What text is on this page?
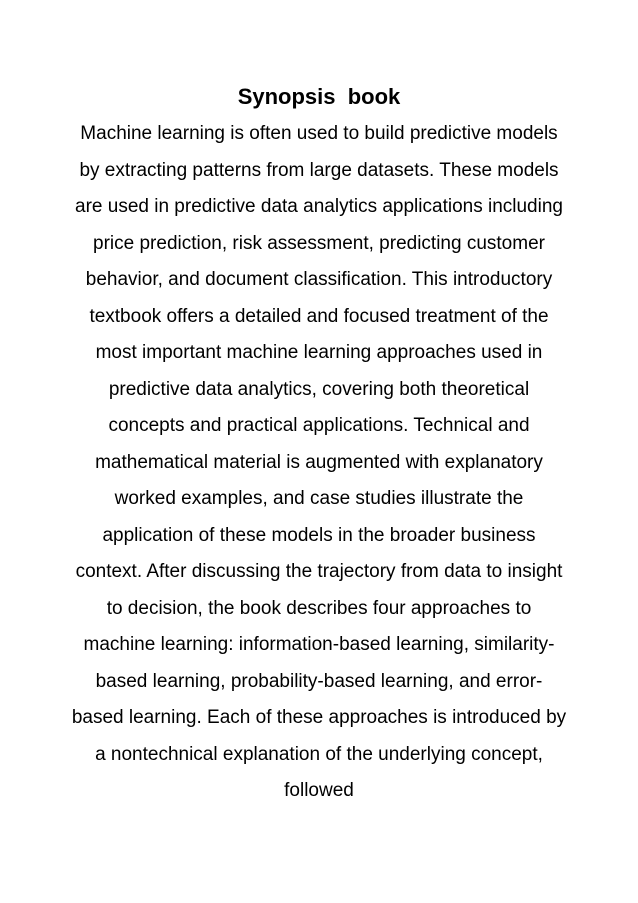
Synopsis  book

Machine learning is often used to build predictive models
by extracting patterns from large datasets. These models
are used in predictive data analytics applications including
price prediction, risk assessment, predicting customer
behavior, and document classification. This introductory
textbook offers a detailed and focused treatment of the
most important machine learning approaches used in
predictive data analytics, covering both theoretical
concepts and practical applications. Technical and
mathematical material is augmented with explanatory
worked examples, and case studies illustrate the
application of these models in the broader business
context. After discussing the trajectory from data to insight
to decision, the book describes four approaches to
machine learning: information-based learning, similarity-
based learning, probability-based learning, and error-
based learning. Each of these approaches is introduced by
a nontechnical explanation of the underlying concept,
followed
